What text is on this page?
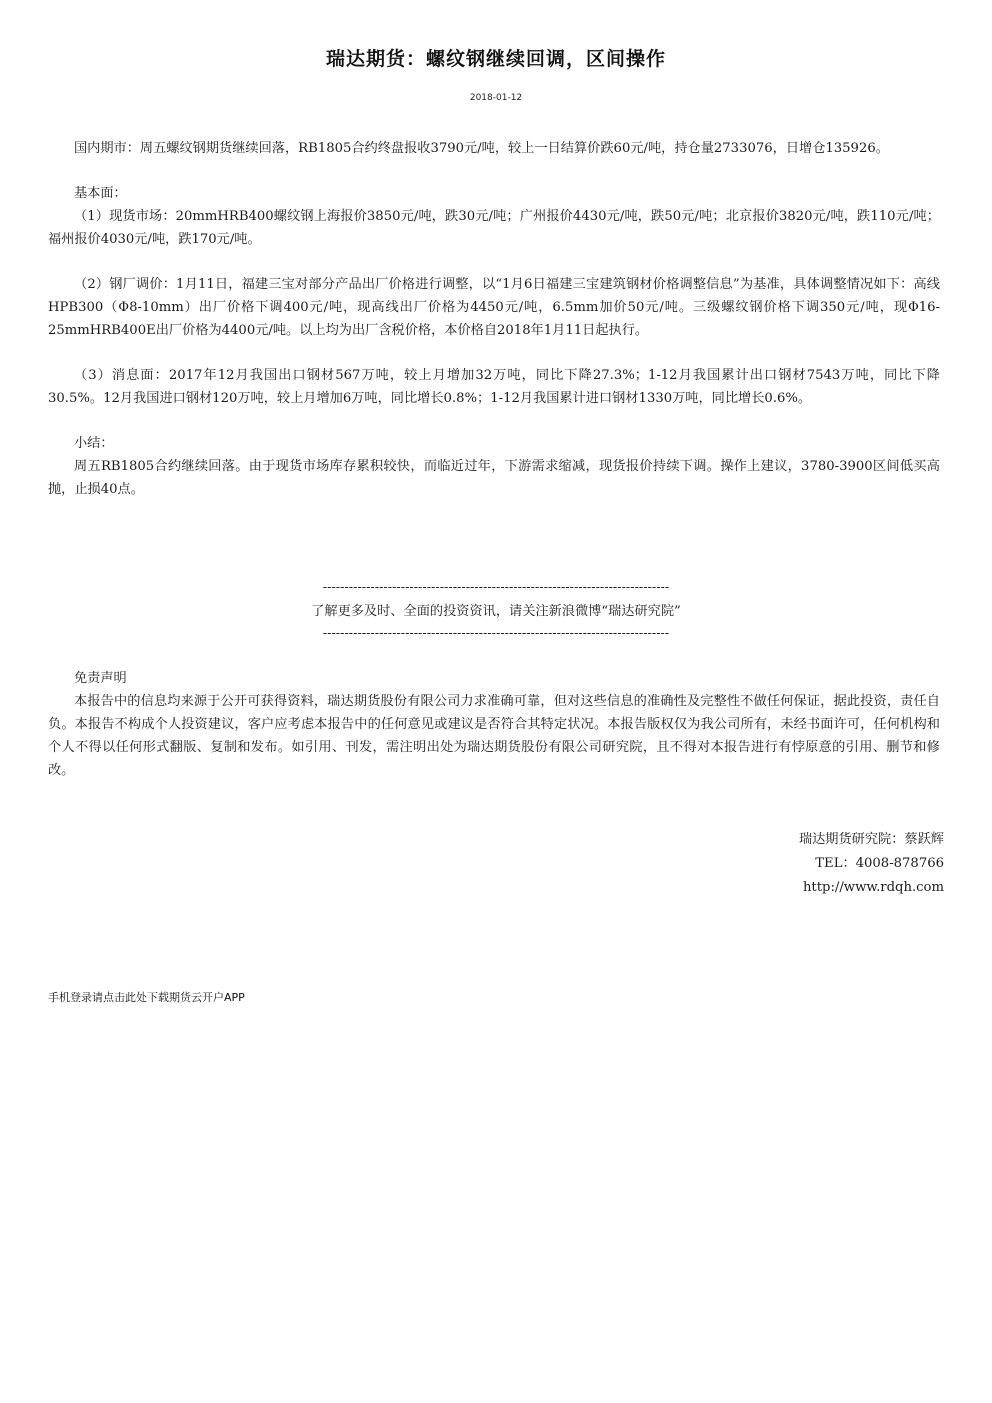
瑞达期货：螺纹钢继续回调，区间操作
2018-01-12

国内期市：周五螺纹钢期货继续回落，RB1805合约终盘报收3790元/吨，较上一日结算价跌60元/吨，持仓量2733076，日增仓135926。

基本面：

（1）现货市场：20mmHRB400螺纹钢上海报价3850元/吨，跌30元/吨；广州报价4430元/吨，跌50元/吨；北京报价3820元/吨，跌110元/吨；福州报价4030元/吨，跌170元/吨。

（2）钢厂调价：1月11日，福建三宝对部分产品出厂价格进行调整，以“1月6日福建三宝建筑钢材价格调整信息”为基准，具体调整情况如下：高线HPB300（Φ8-10mm）出厂价格下调400元/吨，现高线出厂价格为4450元/吨，6.5mm加价50元/吨。三级螺纹钢价格下调350元/吨，现Φ16-25mmHRB400E出厂价格为4400元/吨。以上均为出厂含税价格，本价格自2018年1月11日起执行。

（3）消息面：2017年12月我国出口钢材567万吨，较上月增加32万吨，同比下降27.3%；1-12月我国累计出口钢材7543万吨，同比下降30.5%。12月我国进口钢材120万吨，较上月增加6万吨，同比增长0.8%；1-12月我国累计进口钢材1330万吨，同比增长0.6%。

小结：

周五RB1805合约继续回落。由于现货市场库存累积较快，而临近过年，下游需求缩减，现货报价持续下调。操作上建议，3780-3900区间低买高抛，止损40点。

--------------------------------------------------------------------------------
了解更多及时、全面的投资资讯，请关注新浪微博“瑞达研究院”
--------------------------------------------------------------------------------

免责声明

本报告中的信息均来源于公开可获得资料，瑞达期货股份有限公司力求准确可靠，但对这些信息的准确性及完整性不做任何保证，据此投资，责任自负。本报告不构成个人投资建议，客户应考虑本报告中的任何意见或建议是否符合其特定状况。本报告版权仅为我公司所有，未经书面许可，任何机构和个人不得以任何形式翻版、复制和发布。如引用、刊发，需注明出处为瑞达期货股份有限公司研究院，且不得对本报告进行有悖原意的引用、删节和修改。

瑞达期货研究院：蔡跃辉
TEL：4008-878766
http://www.rdqh.com
手机登录请点击此处下载期货云开户APP
